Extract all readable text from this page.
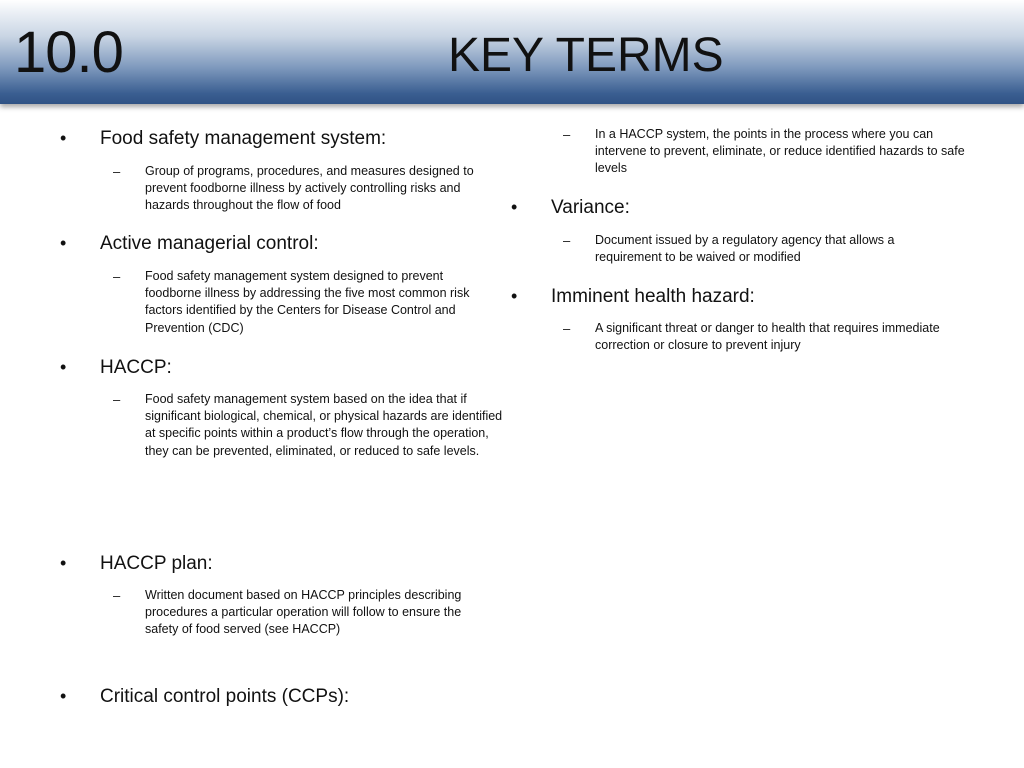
10.0	KEY TERMS
• Food safety management system:
– Group of programs, procedures, and measures designed to prevent foodborne illness by actively controlling risks and hazards throughout the flow of food
• Active managerial control:
– Food safety management system designed to prevent foodborne illness by addressing the five most common risk factors identified by the Centers for Disease Control and Prevention (CDC)
• HACCP:
– Food safety management system based on the idea that if significant biological, chemical, or physical hazards are identified at specific points within a product’s flow through the operation, they can be prevented, eliminated, or reduced to safe levels.
• HACCP plan:
– Written document based on HACCP principles describing procedures a particular operation will follow to ensure the safety of food served (see HACCP)
• Critical control points (CCPs):
– In a HACCP system, the points in the process where you can intervene to prevent, eliminate, or reduce identified hazards to safe levels
• Variance:
– Document issued by a regulatory agency that allows a requirement to be waived or modified
• Imminent health hazard:
– A significant threat or danger to health that requires immediate correction or closure to prevent injury
